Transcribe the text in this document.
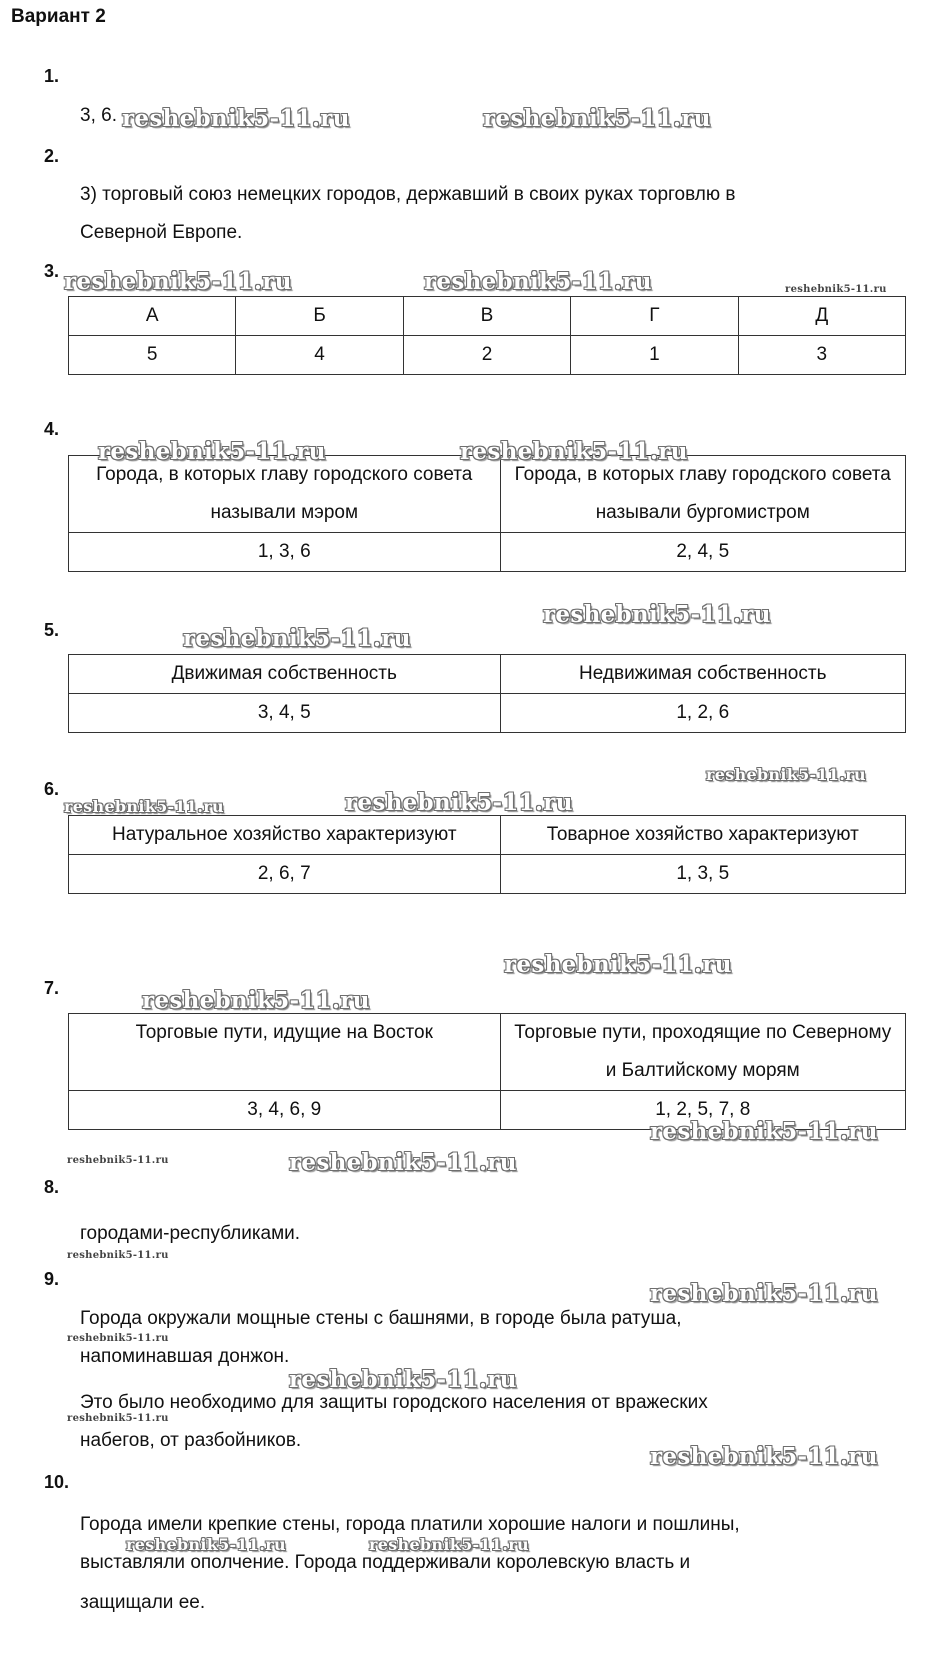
Вариант 2
1.
3, 6.
2.
3) торговый союз немецких городов, державший в своих руках торговлю в
Северной Европе.
3.
А	Б	В	Г	Д
5	4	2	1	3
4.
Города, в которых главу городского совета называли мэром	Города, в которых главу городского совета называли бургомистром
1, 3, 6	2, 4, 5
5.
Движимая собственность	Недвижимая собственность
3, 4, 5	1, 2, 6
6.
Натуральное хозяйство характеризуют	Товарное хозяйство характеризуют
2, 6, 7	1, 3, 5
7.
Торговые пути, идущие на Восток	Торговые пути, проходящие по Северному и Балтийскому морям
3, 4, 6, 9	1, 2, 5, 7, 8
8.
городами-республиками.
9.
Города окружали мощные стены с башнями, в городе была ратуша,
напоминавшая донжон.
Это было необходимо для защиты городского населения от вражеских
набегов, от разбойников.
10.
Города имели крепкие стены, города платили хорошие налоги и пошлины,
выставляли ополчение. Города поддерживали королевскую власть и
защищали ее.
reshebnik5-11.ru	reshebnik5-11.ru
reshebnik5-11.ru	reshebnik5-11.ru	reshebnik5-11.ru
reshebnik5-11.ru	reshebnik5-11.ru
reshebnik5-11.ru
reshebnik5-11.ru
reshebnik5-11.ru
reshebnik5-11.ru
reshebnik5-11.ru
reshebnik5-11.ru
reshebnik5-11.ru
reshebnik5-11.ru
reshebnik5-11.ru	reshebnik5-11.ru
reshebnik5-11.ru
reshebnik5-11.ru
reshebnik5-11.ru
reshebnik5-11.ru
reshebnik5-11.ru
reshebnik5-11.ru
reshebnik5-11.ru	reshebnik5-11.ru
